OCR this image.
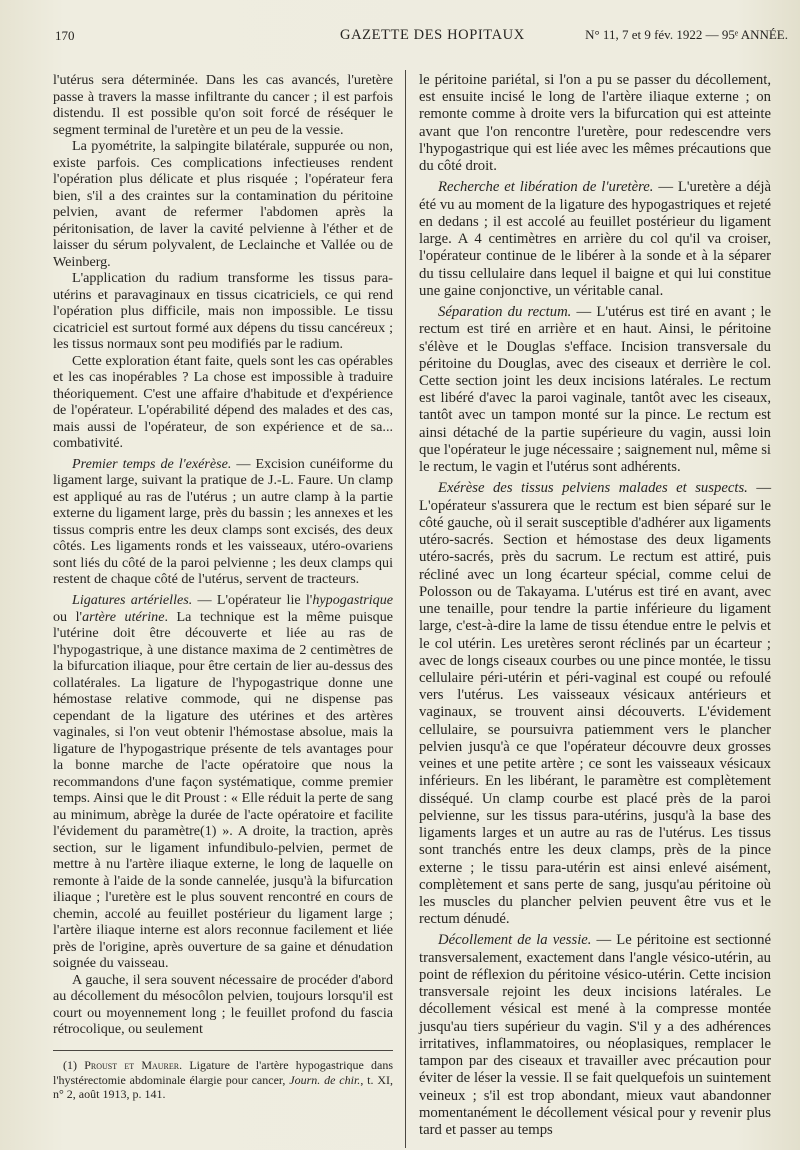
170	GAZETTE DES HOPITAUX	N° 11, 7 et 9 fév. 1922 — 95ᵉ ANNÉE.

l'utérus sera déterminée. Dans les cas avancés, l'uretère passe à travers la masse infiltrante du cancer ; il est parfois distendu. Il est possible qu'on soit forcé de réséquer le segment terminal de l'uretère et un peu de la vessie.

La pyométrite, la salpingite bilatérale, suppurée ou non, existe parfois. Ces complications infectieuses rendent l'opération plus délicate et plus risquée ; l'opérateur fera bien, s'il a des craintes sur la contamination du péritoine pelvien, avant de refermer l'abdomen après la péritonisation, de laver la cavité pelvienne à l'éther et de laisser du sérum polyvalent, de Leclainche et Vallée ou de Weinberg.

L'application du radium transforme les tissus para-utérins et paravaginaux en tissus cicatriciels, ce qui rend l'opération plus difficile, mais non impossible. Le tissu cicatriciel est surtout formé aux dépens du tissu cancéreux ; les tissus normaux sont peu modifiés par le radium.

Cette exploration étant faite, quels sont les cas opérables et les cas inopérables ? La chose est impossible à traduire théoriquement. C'est une affaire d'habitude et d'expérience de l'opérateur. L'opérabilité dépend des malades et des cas, mais aussi de l'opérateur, de son expérience et de sa... combativité.

Premier temps de l'exérèse. — Excision cunéiforme du ligament large, suivant la pratique de J.-L. Faure. Un clamp est appliqué au ras de l'utérus ; un autre clamp à la partie externe du ligament large, près du bassin ; les annexes et les tissus compris entre les deux clamps sont excisés, des deux côtés. Les ligaments ronds et les vaisseaux, utéro-ovariens sont liés du côté de la paroi pelvienne ; les deux clamps qui restent de chaque côté de l'utérus, servent de tracteurs.

Ligatures artérielles. — L'opérateur lie l'hypogastrique ou l'artère utérine. La technique est la même puisque l'utérine doit être découverte et liée au ras de l'hypogastrique, à une distance maxima de 2 centimètres de la bifurcation iliaque, pour être certain de lier au-dessus des collatérales. La ligature de l'hypogastrique donne une hémostase relative commode, qui ne dispense pas cependant de la ligature des utérines et des artères vaginales, si l'on veut obtenir l'hémostase absolue, mais la ligature de l'hypogastrique présente de tels avantages pour la bonne marche de l'acte opératoire que nous la recommandons d'une façon systématique, comme premier temps. Ainsi que le dit Proust : « Elle réduit la perte de sang au minimum, abrège la durée de l'acte opératoire et facilite l'évidement du paramètre(1) ». A droite, la traction, après section, sur le ligament infundibulo-pelvien, permet de mettre à nu l'artère iliaque externe, le long de laquelle on remonte à l'aide de la sonde cannelée, jusqu'à la bifurcation iliaque ; l'uretère est le plus souvent rencontré en cours de chemin, accolé au feuillet postérieur du ligament large ; l'artère iliaque interne est alors reconnue facilement et liée près de l'origine, après ouverture de sa gaine et dénudation soignée du vaisseau.

A gauche, il sera souvent nécessaire de procéder d'abord au décollement du mésocôlon pelvien, toujours lorsqu'il est court ou moyennement long ; le feuillet profond du fascia rétrocolique, ou seulement

le péritoine pariétal, si l'on a pu se passer du décollement, est ensuite incisé le long de l'artère iliaque externe ; on remonte comme à droite vers la bifurcation qui est atteinte avant que l'on rencontre l'uretère, pour redescendre vers l'hypogastrique qui est liée avec les mêmes précautions que du côté droit.

Recherche et libération de l'uretère. — L'uretère a déjà été vu au moment de la ligature des hypogastriques et rejeté en dedans ; il est accolé au feuillet postérieur du ligament large. A 4 centimètres en arrière du col qu'il va croiser, l'opérateur continue de le libérer à la sonde et à la séparer du tissu cellulaire dans lequel il baigne et qui lui constitue une gaine conjonctive, un véritable canal.

Séparation du rectum. — L'utérus est tiré en avant ; le rectum est tiré en arrière et en haut. Ainsi, le péritoine s'élève et le Douglas s'efface. Incision transversale du péritoine du Douglas, avec des ciseaux et derrière le col. Cette section joint les deux incisions latérales. Le rectum est libéré d'avec la paroi vaginale, tantôt avec les ciseaux, tantôt avec un tampon monté sur la pince. Le rectum est ainsi détaché de la partie supérieure du vagin, aussi loin que l'opérateur le juge nécessaire ; saignement nul, même si le rectum, le vagin et l'utérus sont adhérents.

Exérèse des tissus pelviens malades et suspects. — L'opérateur s'assurera que le rectum est bien séparé sur le côté gauche, où il serait susceptible d'adhérer aux ligaments utéro-sacrés. Section et hémostase des deux ligaments utéro-sacrés, près du sacrum. Le rectum est attiré, puis récliné avec un long écarteur spécial, comme celui de Polosson ou de Takayama. L'utérus est tiré en avant, avec une tenaille, pour tendre la partie inférieure du ligament large, c'est-à-dire la lame de tissu étendue entre le pelvis et le col utérin. Les uretères seront réclinés par un écarteur ; avec de longs ciseaux courbes ou une pince montée, le tissu cellulaire péri-utérin et péri-vaginal est coupé ou refoulé vers l'utérus. Les vaisseaux vésicaux antérieurs et vaginaux, se trouvent ainsi découverts. L'évidement cellulaire, se poursuivra patiemment vers le plancher pelvien jusqu'à ce que l'opérateur découvre deux grosses veines et une petite artère ; ce sont les vaisseaux vésicaux inférieurs. En les libérant, le paramètre est complètement disséqué. Un clamp courbe est placé près de la paroi pelvienne, sur les tissus para-utérins, jusqu'à la base des ligaments larges et un autre au ras de l'utérus. Les tissus sont tranchés entre les deux clamps, près de la pince externe ; le tissu para-utérin est ainsi enlevé aisément, complètement et sans perte de sang, jusqu'au péritoine où les muscles du plancher pelvien peuvent être vus et le rectum dénudé.

Décollement de la vessie. — Le péritoine est sectionné transversalement, exactement dans l'angle vésico-utérin, au point de réflexion du péritoine vésico-utérin. Cette incision transversale rejoint les deux incisions latérales. Le décollement vésical est mené à la compresse montée jusqu'au tiers supérieur du vagin. S'il y a des adhérences irritatives, inflammatoires, ou néoplasiques, remplacer le tampon par des ciseaux et travailler avec précaution pour éviter de léser la vessie. Il se fait quelquefois un suintement veineux ; s'il est trop abondant, mieux vaut abandonner momentanément le décollement vésical pour y revenir plus tard et passer au temps

(1) Proust et Maurer. Ligature de l'artère hypogastrique dans l'hystérectomie abdominale élargie pour cancer, Journ. de chir., t. XI, n° 2, août 1913, p. 141.
